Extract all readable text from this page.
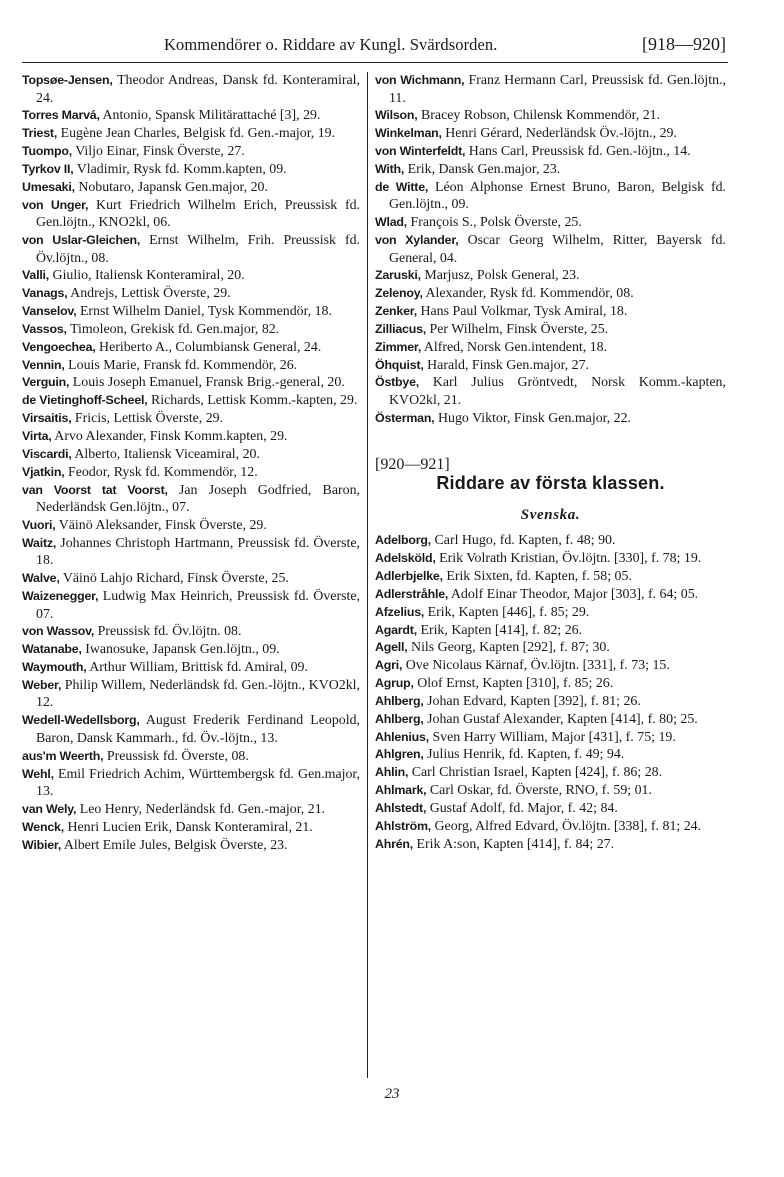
Kommendörer o. Riddare av Kungl. Svärdsorden.	[918—920]

Topsøe-Jensen, Theodor Andreas, Dansk fd. Konteramiral, 24.

Torres Marvá, Antonio, Spansk Militärattaché [3], 29.

Triest, Eugène Jean Charles, Belgisk fd. Gen.-major, 19.

Tuompo, Viljo Einar, Finsk Överste, 27.

Tyrkov II, Vladimir, Rysk fd. Komm.kapten, 09.

Umesaki, Nobutaro, Japansk Gen.major, 20.

von Unger, Kurt Friedrich Wilhelm Erich, Preussisk fd. Gen.löjtn., KNO2kl, 06.

von Uslar-Gleichen, Ernst Wilhelm, Frih. Preussisk fd. Öv.löjtn., 08.

Valli, Giulio, Italiensk Konteramiral, 20.

Vanags, Andrejs, Lettisk Överste, 29.

Vanselov, Ernst Wilhelm Daniel, Tysk Kommendör, 18.

Vassos, Timoleon, Grekisk fd. Gen.major, 82.

Vengoechea, Heriberto A., Columbiansk General, 24.

Vennin, Louis Marie, Fransk fd. Kommendör, 26.

Verguin, Louis Joseph Emanuel, Fransk Brig.-general, 20.

de Vietinghoff-Scheel, Richards, Lettisk Komm.-kapten, 29.

Virsaitis, Fricis, Lettisk Överste, 29.

Virta, Arvo Alexander, Finsk Komm.kapten, 29.

Viscardi, Alberto, Italiensk Viceamiral, 20.

Vjatkin, Feodor, Rysk fd. Kommendör, 12.

van Voorst tat Voorst, Jan Joseph Godfried, Baron, Nederländsk Gen.löjtn., 07.

Vuori, Väinö Aleksander, Finsk Överste, 29.

Waitz, Johannes Christoph Hartmann, Preussisk fd. Överste, 18.

Walve, Väinö Lahjo Richard, Finsk Överste, 25.

Waizenegger, Ludwig Max Heinrich, Preussisk fd. Överste, 07.

von Wassov, Preussisk fd. Öv.löjtn. 08.

Watanabe, Iwanosuke, Japansk Gen.löjtn., 09.

Waymouth, Arthur William, Brittisk fd. Amiral, 09.

Weber, Philip Willem, Nederländsk fd. Gen.-löjtn., KVO2kl, 12.

Wedell-Wedellsborg, August Frederik Ferdinand Leopold, Baron, Dansk Kammarh., fd. Öv.-löjtn., 13.

aus'm Weerth, Preussisk fd. Överste, 08.

Wehl, Emil Friedrich Achim, Württembergsk fd. Gen.major, 13.

van Wely, Leo Henry, Nederländsk fd. Gen.-major, 21.

Wenck, Henri Lucien Erik, Dansk Konteramiral, 21.

Wibier, Albert Emile Jules, Belgisk Överste, 23.

von Wichmann, Franz Hermann Carl, Preussisk fd. Gen.löjtn., 11.

Wilson, Bracey Robson, Chilensk Kommendör, 21.

Winkelman, Henri Gérard, Nederländsk Öv.-löjtn., 29.

von Winterfeldt, Hans Carl, Preussisk fd. Gen.-löjtn., 14.

With, Erik, Dansk Gen.major, 23.

de Witte, Léon Alphonse Ernest Bruno, Baron, Belgisk fd. Gen.löjtn., 09.

Wlad, François S., Polsk Överste, 25.

von Xylander, Oscar Georg Wilhelm, Ritter, Bayersk fd. General, 04.

Zaruski, Marjusz, Polsk General, 23.

Zelenoy, Alexander, Rysk fd. Kommendör, 08.

Zenker, Hans Paul Volkmar, Tysk Amiral, 18.

Zilliacus, Per Wilhelm, Finsk Överste, 25.

Zimmer, Alfred, Norsk Gen.intendent, 18.

Öhquist, Harald, Finsk Gen.major, 27.

Östbye, Karl Julius Gröntvedt, Norsk Komm.-kapten, KVO2kl, 21.

Österman, Hugo Viktor, Finsk Gen.major, 22.

[920—921]
Riddare av första klassen.
Svenska.

Adelborg, Carl Hugo, fd. Kapten, f. 48; 90.

Adelsköld, Erik Volrath Kristian, Öv.löjtn. [330], f. 78; 19.

Adlerbjelke, Erik Sixten, fd. Kapten, f. 58; 05.

Adlerstråhle, Adolf Einar Theodor, Major [303], f. 64; 05.

Afzelius, Erik, Kapten [446], f. 85; 29.

Agardt, Erik, Kapten [414], f. 82; 26.

Agell, Nils Georg, Kapten [292], f. 87; 30.

Agri, Ove Nicolaus Kärnaf, Öv.löjtn. [331], f. 73; 15.

Agrup, Olof Ernst, Kapten [310], f. 85; 26.

Ahlberg, Johan Edvard, Kapten [392], f. 81; 26.

Ahlberg, Johan Gustaf Alexander, Kapten [414], f. 80; 25.

Ahlenius, Sven Harry William, Major [431], f. 75; 19.

Ahlgren, Julius Henrik, fd. Kapten, f. 49; 94.

Ahlin, Carl Christian Israel, Kapten [424], f. 86; 28.

Ahlmark, Carl Oskar, fd. Överste, RNO, f. 59; 01.

Ahlstedt, Gustaf Adolf, fd. Major, f. 42; 84.

Ahlström, Georg, Alfred Edvard, Öv.löjtn. [338], f. 81; 24.

Ahrén, Erik A:son, Kapten [414], f. 84; 27.

23
